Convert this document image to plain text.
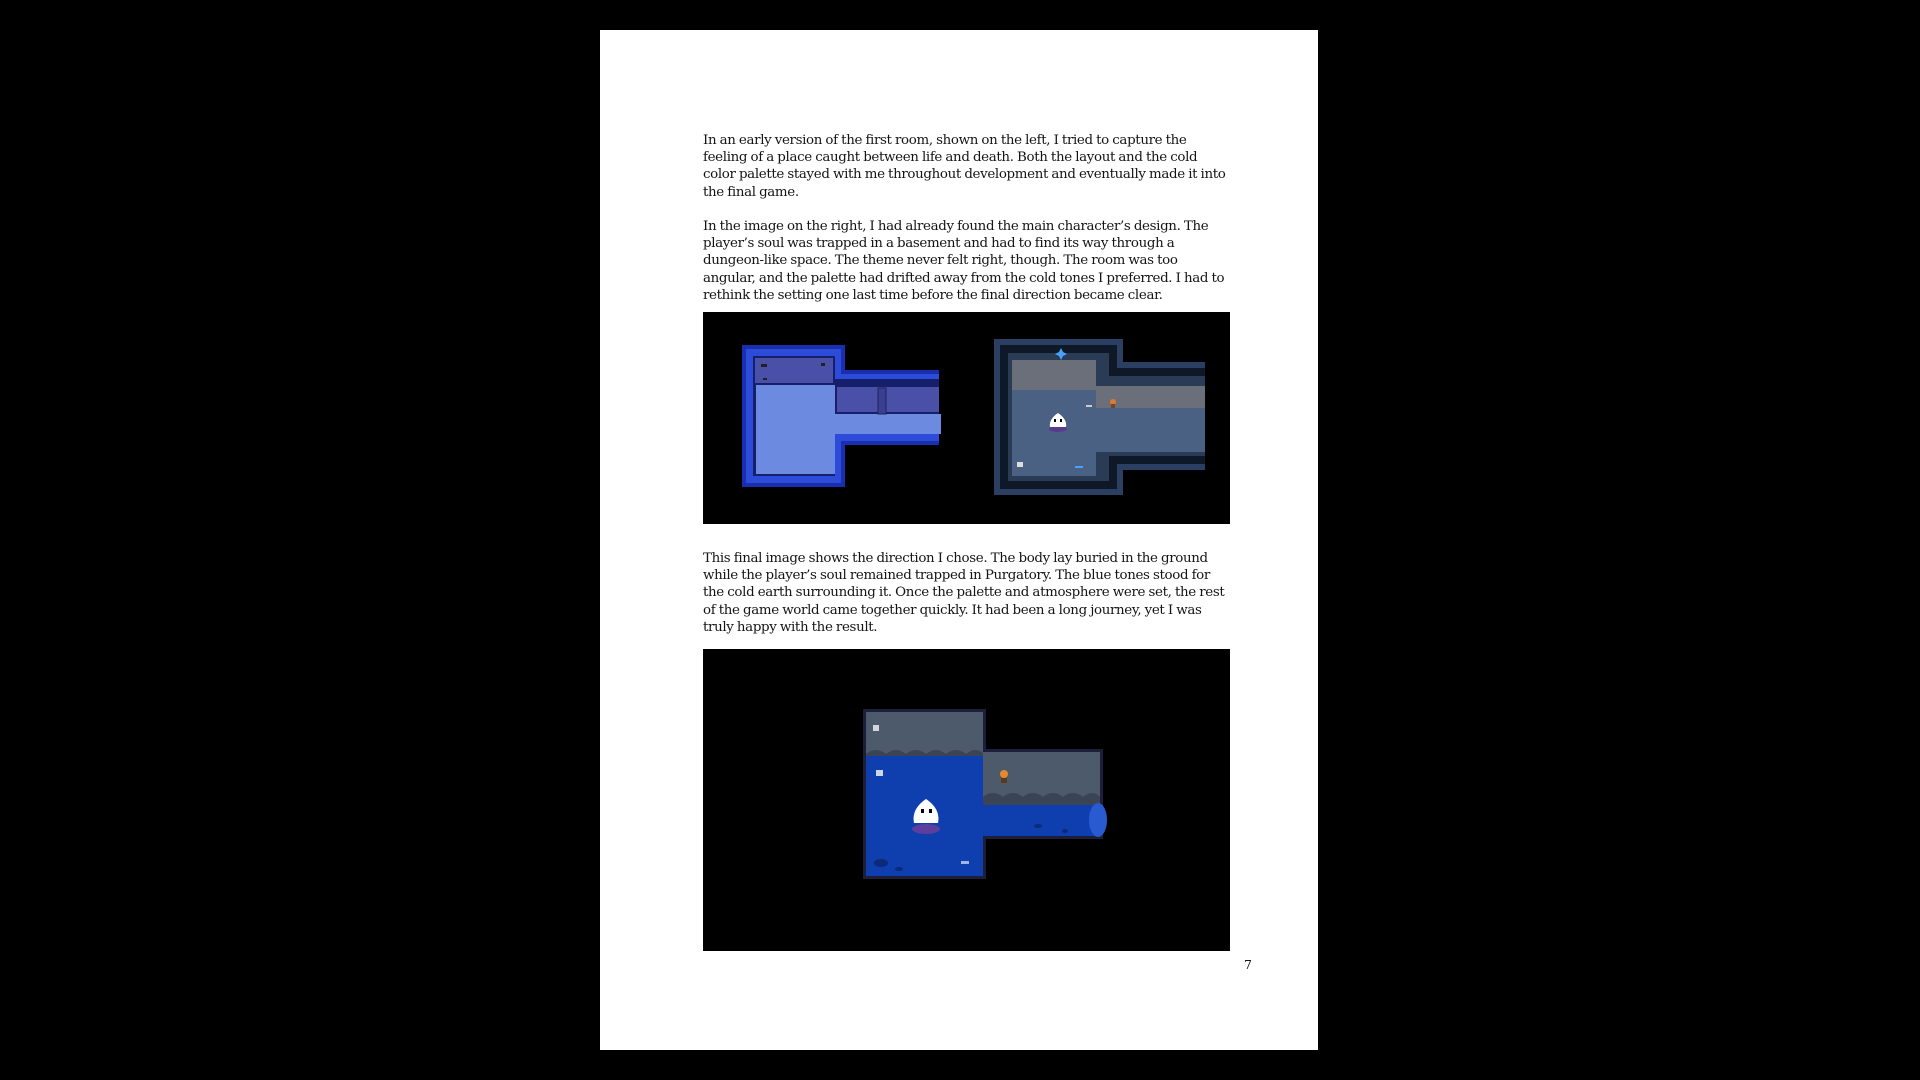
In an early version of the first room, shown on the left, I tried to capture the feeling of a place caught between life and death. Both the layout and the cold color palette stayed with me throughout development and eventually made it into the final game.

In the image on the right, I had already found the main character’s design. The player’s soul was trapped in a basement and had to find its way through a dungeon-like space. The theme never felt right, though. The room was too angular, and the palette had drifted away from the cold tones I preferred. I had to rethink the setting one last time before the final direction became clear.

This final image shows the direction I chose. The body lay buried in the ground while the player’s soul remained trapped in Purgatory. The blue tones stood for the cold earth surrounding it. Once the palette and atmosphere were set, the rest of the game world came together quickly. It had been a long journey, yet I was truly happy with the result.

7
